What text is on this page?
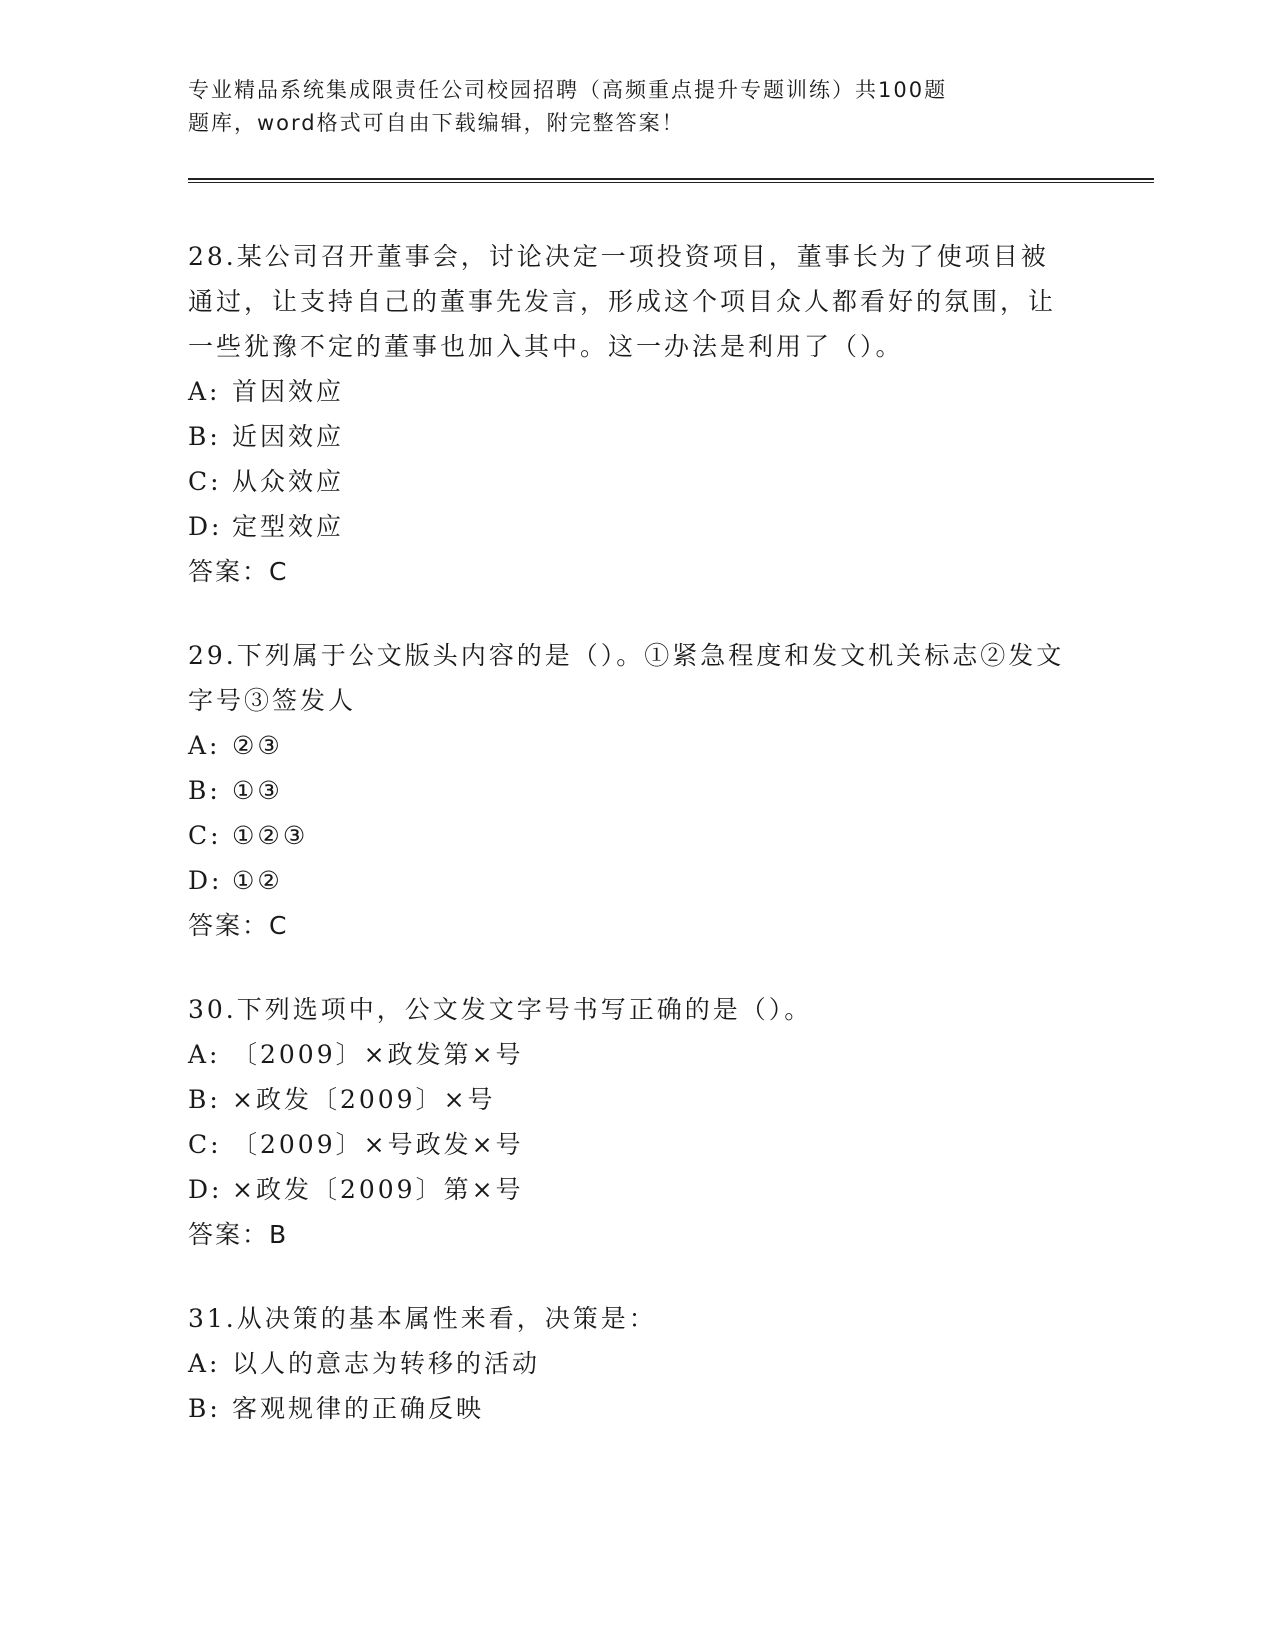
专业精品系统集成限责任公司校园招聘（高频重点提升专题训练）共100题
题库，word格式可自由下载编辑，附完整答案！
28.某公司召开董事会，讨论决定一项投资项目，董事长为了使项目被通过，让支持自己的董事先发言，形成这个项目众人都看好的氛围，让一些犹豫不定的董事也加入其中。这一办法是利用了（）。
A: 首因效应
B: 近因效应
C: 从众效应
D: 定型效应
答案：C
29.下列属于公文版头内容的是（）。①紧急程度和发文机关标志②发文字号③签发人
A: ②③
B: ①③
C: ①②③
D: ①②
答案：C
30.下列选项中，公文发文字号书写正确的是（）。
A: 〔2009〕×政发第×号
B: ×政发〔2009〕×号
C: 〔2009〕×号政发×号
D: ×政发〔2009〕第×号
答案：B
31.从决策的基本属性来看，决策是：
A: 以人的意志为转移的活动
B: 客观规律的正确反映
